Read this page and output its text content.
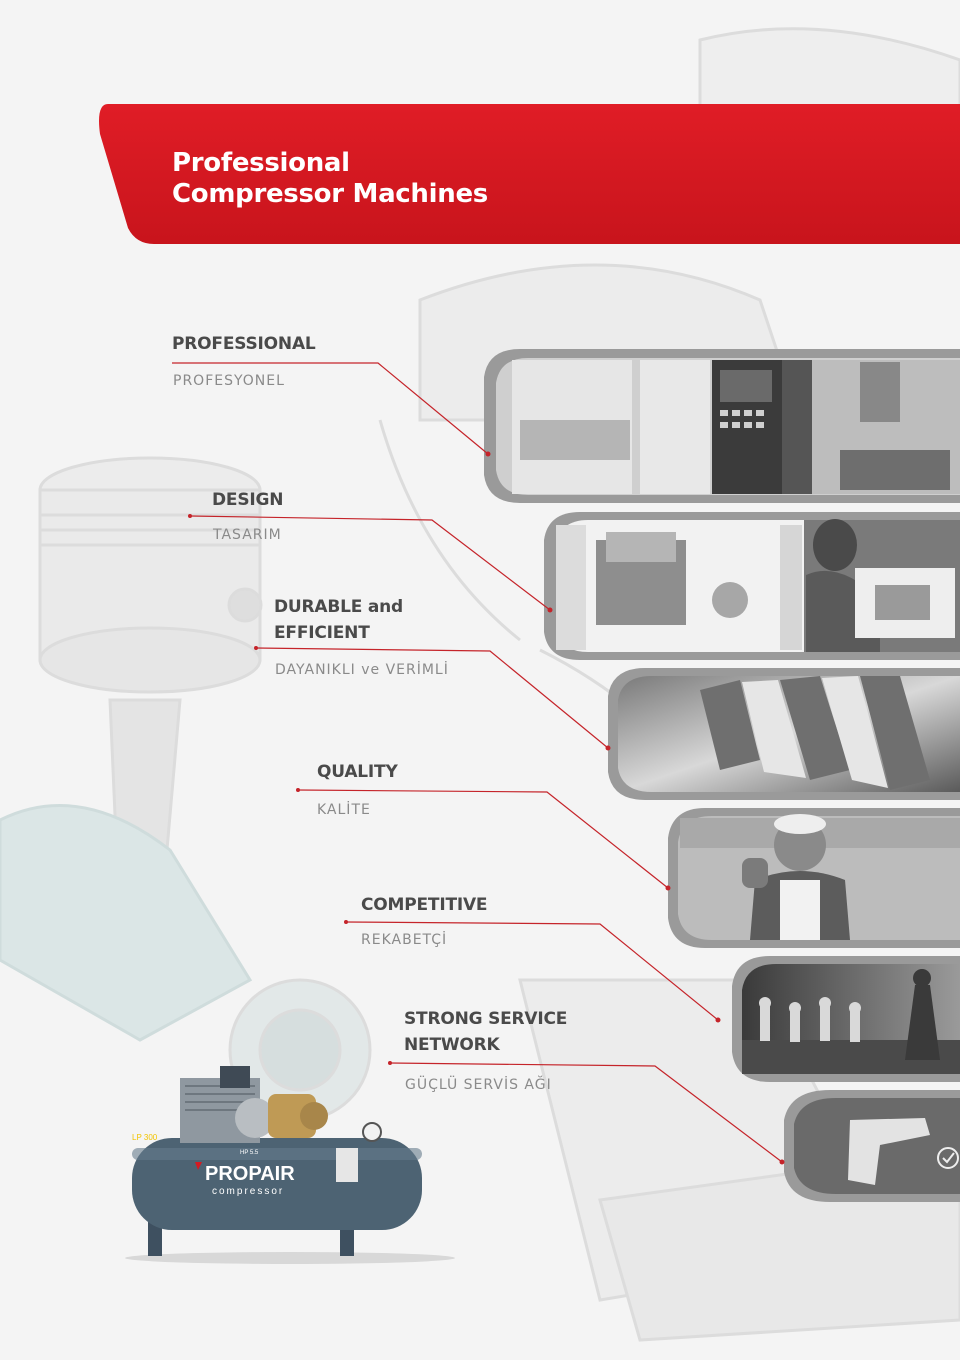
Professional
Compressor Machines
PROFESSIONAL

PROFESYONEL

DESIGN

TASARIM

DURABLE and
EFFICIENT

DAYANIKLI ve VERİMLİ

QUALITY

KALİTE

COMPETITIVE

REKABETÇİ

STRONG SERVICE
NETWORK

GÜÇLÜ SERVİS AĞI

PROPAIR
compressor
LP 300
HP 5.5
